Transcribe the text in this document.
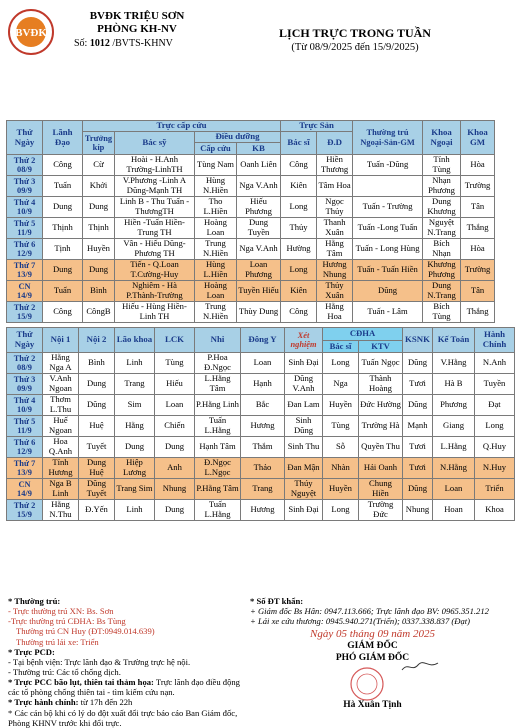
BVĐK
BVĐK TRIỆU SƠN
PHÒNG KH-NV
Số: 1012 /BVTS-KHNV
LỊCH TRỰC TRONG TUẦN
(Từ 08/9/2025 đến 15/9/2025)
Thứ Ngày	Lãnh Đạo	Trực cấp cứu				Trực Sản		Thường trú Ngoại-Sản-GM	Khoa Ngoại	Khoa GM
		Trưởng kíp	Bác sỹ	Điều dưỡng		Bác sĩ	Đ.D			
				Cấp cứu	KB					

Thứ 2
08/9	Công	Cừ	Hoài - H.Anh Trường-LinhTH	Tùng Nam	Oanh Liên	Công	Hiền Thương	Tuấn -Dũng	Tính Tùng	Hòa

Thứ 3
09/9	Tuấn	Khởi	V.Phương -Linh A Dũng-Mạnh TH	Hùng N.Hiền	Nga V.Anh	Kiên	Tâm Hoa		Nhạn Phương	Trường

Thứ 4
10/9	Dung	Dung	Linh B - Thu Tuấn - ThươngTH	Tho L.Hiền	Hiếu Phương	Long	Ngọc Thủy	Tuấn - Trường	Dung Khương	Tân

Thứ 5
11/9	Thịnh	Thịnh	Hiền -Tuấn Hiền-Trung TH	Hoàng Loan	Dung Tuyền	Thủy	Thanh Xuân	Tuấn -Long Tuấn	Nguyệt N.Trang	Thắng

Thứ 6
12/9	Tịnh	Huyền	Vân - Hiếu Dũng-Phương TH	Trung N.Hiền	Nga V.Anh	Hường	Hằng Tâm	Tuấn - Long Hùng	Bích Nhạn	Hòa

Thứ 7
13/9	Dung	Dung	Tiến - Q.Loan T.Cường-Huy	Hùng L.Hiền	Loan Phương	Long	Hương Nhung	Tuấn - Tuấn Hiền	Khương Phương	Trường

CN
14/9	Tuấn	Bình	Nghiêm - Hà P.Thành-Trường	Hoàng Loan	Tuyền Hiếu	Kiên	Thủy Xuân	Dũng	Dung N.Trang	Tân

Thứ 2
15/9	Công	CôngB	Hiếu - Hùng Hiền-Linh TH	Trung N.Hiền	Thùy Dung	Công	Hằng Hoa	Tuấn - Lâm	Bích Tùng	Thắng
Thứ Ngày	Nội 1	Nội 2	Lão khoa	LCK	Nhi	Đông Y	Xét nghiệm	CĐHA		KSNK	Kế Toán	Hành Chính
								Bác sĩ	KTV			

Thứ 2
08/9	Hằng Nga A	Bình	Linh	Tùng	P.Hoa Đ.Ngọc	Loan	Sinh Đại	Long	Tuấn Ngọc	Dũng	V.Hằng	N.Anh

Thứ 3
09/9	V.Anh Ngoan	Dung	Trang	Hiếu	L.Hằng Tâm	Hạnh	Dũng V.Anh	Nga	Thành Hoàng	Tươi	Hà B	Tuyền

Thứ 4
10/9	Thơm L.Thu	Dũng	Sim	Loan	P.Hằng Linh	Bắc	Đan Lam	Huyền	Đức Hường	Dũng	Phương	Đạt

Thứ 5
11/9	Huế Ngoan	Huệ	Hằng	Chiến	Tuấn L.Hằng	Hương	Sinh Dũng	Tùng	Trường Hà	Mạnh	Giang	Long

Thứ 6
12/9	Hoa Q.Anh	Tuyết	Dung	Dung	Hạnh Tâm	Thắm	Sinh Thu	Sỗ	Quyền Thu	Tươi	L.Hằng	Q.Huy

Thứ 7
13/9	Tính Hương	Dung Huệ	Hiệp Lương	Anh	Đ.Ngọc L.Ngọc	Thảo	Đan Mận	Nhàn	Hải Oanh	Tươi	N.Hằng	N.Huy

CN
14/9	Nga B Linh	Dũng Tuyết	Trang Sim	Nhung	P.Hằng Tâm	Trang	Thúy Nguyệt	Huyền	Chung Hiền	Dũng	Loan	Triển

Thứ 2
15/9	Hằng N.Thu	Đ.Yến	Linh	Dung	Tuấn L.Hằng	Hương	Sinh Đại	Long	Trường Đức	Nhung	Hoan	Khoa
* Thường trú:
- Trực thường trú XN: Bs. Sơn
-Trực thường trú CĐHA: Bs Tùng
Thường trú CN Huy (ĐT:0949.014.639)
Thường trú lái xe: Triển
* Trực PCD:
- Tại bệnh viện: Trực lãnh đạo & Trường trực hệ nội.
- Thường trú: Các tổ chống dịch.
* Trực PCC bão lụt, thiên tai thảm họa: Trực lãnh đạo điều động các tổ phòng chống thiên tai - tìm kiếm cứu nạn.
* Trực hành chính: từ 17h đến 22h
* Các cán bộ khi có lý do đột xuất đổi trực báo cáo Ban Giám đốc, Phòng KHNV trước khi đổi trực.
* Số ĐT khẩn:
+ Giám đốc Bs Hân: 0947.113.666; Trực lãnh đạo BV: 0965.351.212
+ Lái xe cứu thương: 0945.940.271(Triển); 0337.338.837 (Đạt)
Ngày 05 tháng 09 năm 2025
GIÁM ĐỐC
PHÓ GIÁM ĐỐC
Hà Xuân Tịnh
